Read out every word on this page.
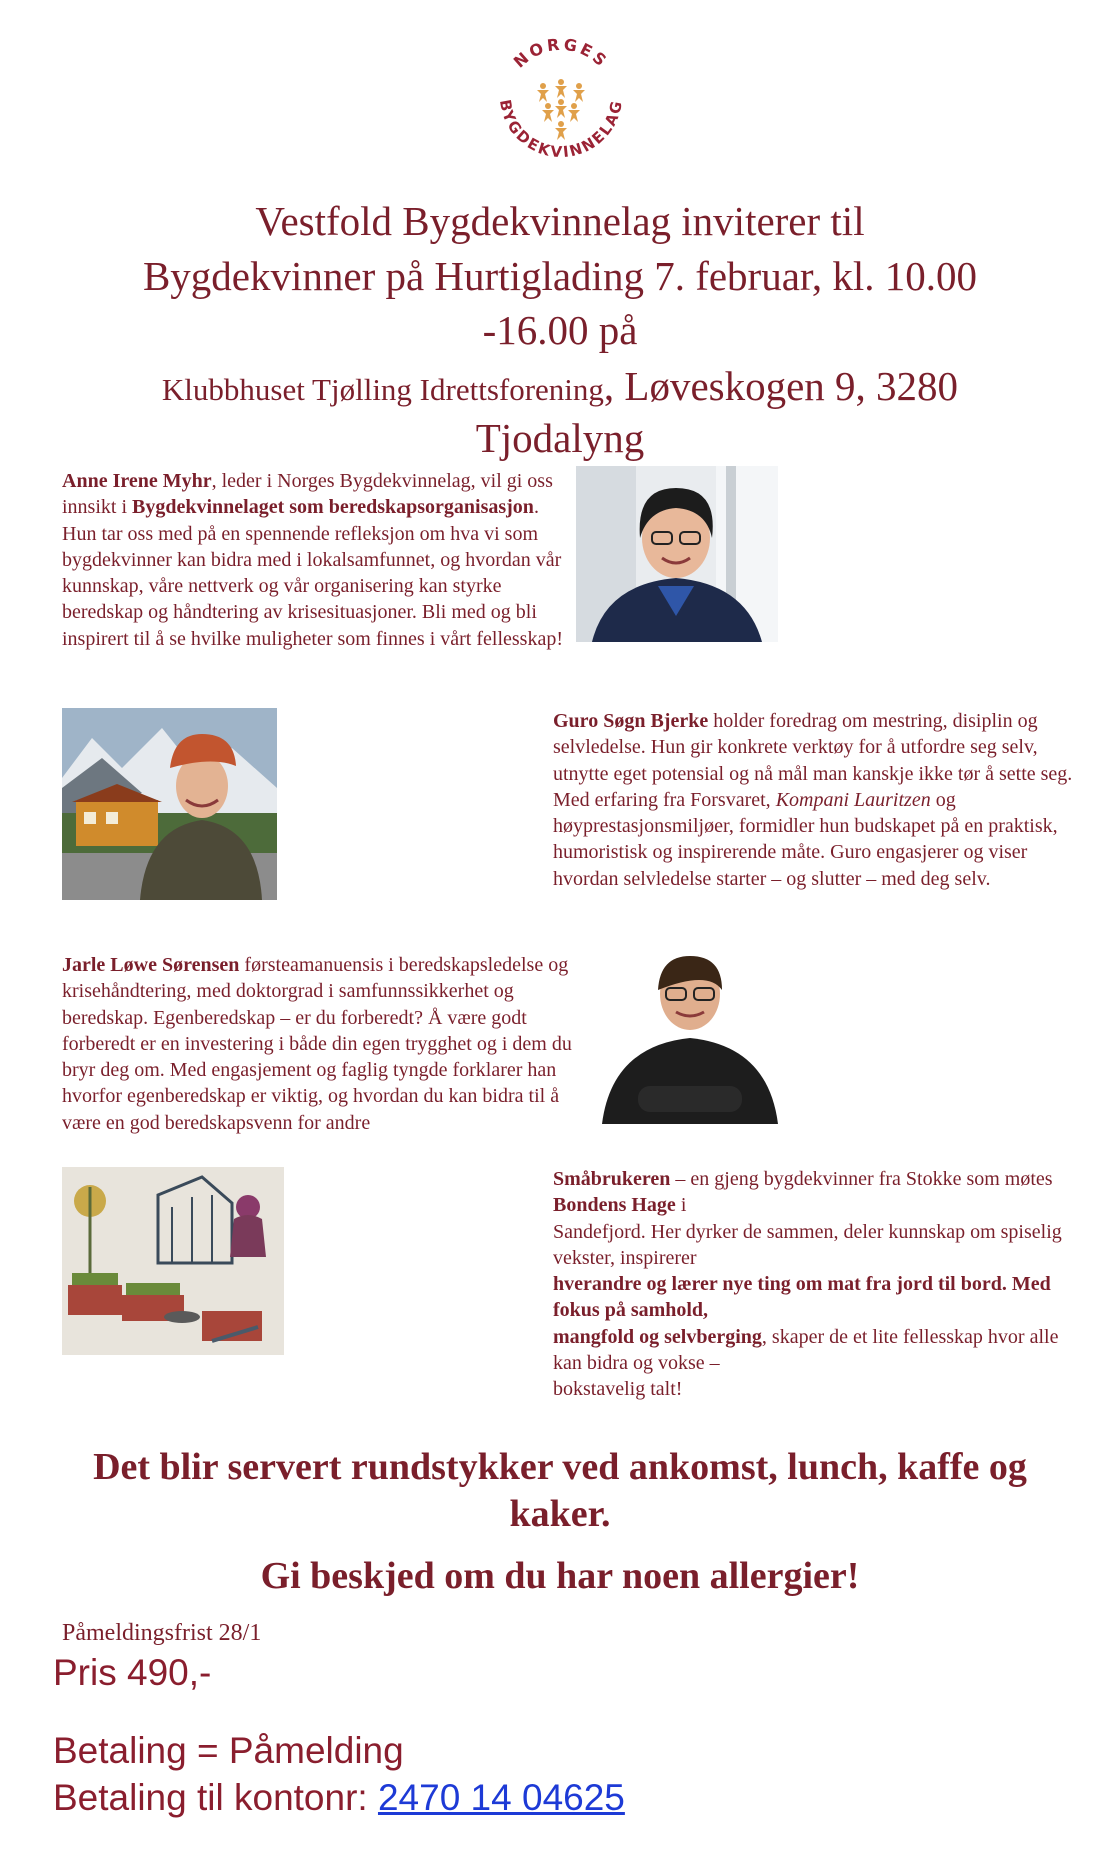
NORGES
BYGDEKVINNELAG
Vestfold Bygdekvinnelag inviterer til
Bygdekvinner på Hurtiglading 7. februar, kl. 10.00
-16.00 på
Klubbhuset Tjølling Idrettsforening, Løveskogen 9, 3280
Tjodalyng
Anne Irene Myhr, leder i Norges Bygdekvinnelag, vil gi oss innsikt i Bygdekvinnelaget som beredskapsorganisasjon. Hun tar oss med på en spennende refleksjon om hva vi som bygdekvinner kan bidra med i lokalsamfunnet, og hvordan vår kunnskap, våre nettverk og vår organisering kan styrke beredskap og håndtering av krisesituasjoner. Bli med og bli inspirert til å se hvilke muligheter som finnes i vårt fellesskap!
Guro Søgn Bjerke holder foredrag om mestring, disiplin og selvledelse. Hun gir konkrete verktøy for å utfordre seg selv, utnytte eget potensial og nå mål man kanskje ikke tør å sette seg. Med erfaring fra Forsvaret, Kompani Lauritzen og høyprestasjonsmiljøer, formidler hun budskapet på en praktisk, humoristisk og inspirerende måte. Guro engasjerer og viser hvordan selvledelse starter – og slutter – med deg selv.
Jarle Løwe Sørensen førsteamanuensis i beredskapsledelse og krisehåndtering, med doktorgrad i samfunnssikkerhet og beredskap. Egenberedskap – er du forberedt? Å være godt forberedt er en investering i både din egen trygghet og i dem du bryr deg om. Med engasjement og faglig tyngde forklarer han hvorfor egenberedskap er viktig, og hvordan du kan bidra til å være en god beredskapsvenn for andre
Småbrukeren – en gjeng bygdekvinner fra Stokke som møtes
Bondens Hage i
Sandefjord. Her dyrker de sammen, deler kunnskap om spiselig
vekster, inspirerer
hverandre og lærer nye ting om mat fra jord til bord. Med
fokus på samhold,
mangfold og selvberging, skaper de et lite fellesskap hvor alle
kan bidra og vokse –
bokstavelig talt!
Det blir servert rundstykker ved ankomst, lunch, kaffe og
kaker.
Gi beskjed om du har noen allergier!
Påmeldingsfrist 28/1
Pris 490,-
Betaling = Påmelding
Betaling til kontonr: 2470 14 04625
